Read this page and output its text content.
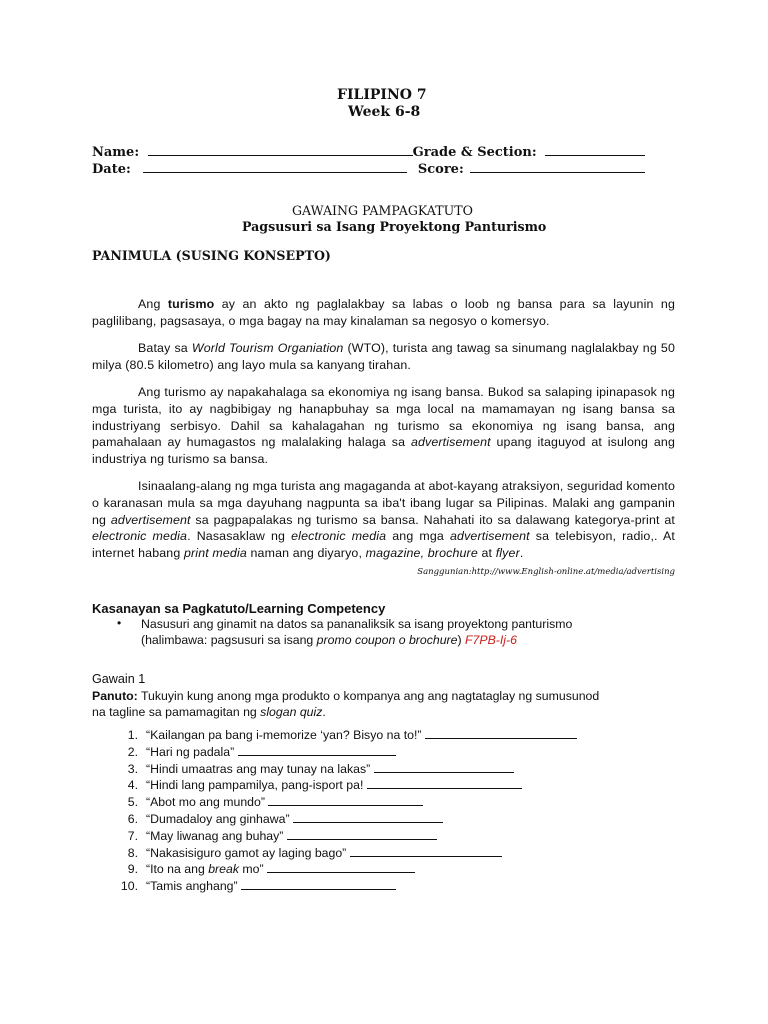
FILIPINO 7
Week 6-8
Name:	Grade & Section:
Date:	Score:
GAWAING PAMPAGKATUTO
Pagsusuri sa Isang Proyektong Panturismo
PANIMULA (SUSING KONSEPTO)

Ang turismo ay an akto ng paglalakbay sa labas o loob ng bansa para sa layunin ng paglilibang, pagsasaya, o mga bagay na may kinalaman sa negosyo o komersyo.

Batay sa World Tourism Organiation (WTO), turista ang tawag sa sinumang naglalakbay ng 50 milya (80.5 kilometro) ang layo mula sa kanyang tirahan.

Ang turismo ay napakahalaga sa ekonomiya ng isang bansa. Bukod sa salaping ipinapasok ng mga turista, ito ay nagbibigay ng hanapbuhay sa mga local na mamamayan ng isang bansa sa industriyang serbisyo. Dahil sa kahalagahan ng turismo sa ekonomiya ng isang bansa, ang pamahalaan ay humagastos ng malalaking halaga sa advertisement upang itaguyod at isulong ang industriya ng turismo sa bansa.

Isinaalang-alang ng mga turista ang magaganda at abot-kayang atraksiyon, seguridad komento o karanasan mula sa mga dayuhang nagpunta sa iba't ibang lugar sa Pilipinas. Malaki ang gampanin ng advertisement sa pagpapalakas ng turismo sa bansa. Nahahati ito sa dalawang kategorya-print at electronic media. Nasasaklaw ng electronic media ang mga advertisement sa telebisyon, radio,. At internet habang print media naman ang diyaryo, magazine, brochure at flyer.

Sanggunian:http://www.English-online.at/media/advertising
Kasanayan sa Pagkatuto/Learning Competency
• Nasusuri ang ginamit na datos sa pananaliksik sa isang proyektong panturismo
(halimbawa: pagsusuri sa isang promo coupon o brochure) F7PB-Ij-6
Gawain 1
Panuto: Tukuyin kung anong mga produkto o kompanya ang ang nagtataglay ng sumusunod na tagline sa pamamagitan ng slogan quiz.
1. “Kailangan pa bang i-memorize ‘yan? Bisyo na to!”
2. “Hari ng padala”
3. “Hindi umaatras ang may tunay na lakas”
4. “Hindi lang pampamilya, pang-isport pa!
5. “Abot mo ang mundo”
6. “Dumadaloy ang ginhawa”
7. “May liwanag ang buhay”
8. “Nakasisiguro gamot ay laging bago”
9. “Ito na ang break mo”
10. “Tamis anghang”
